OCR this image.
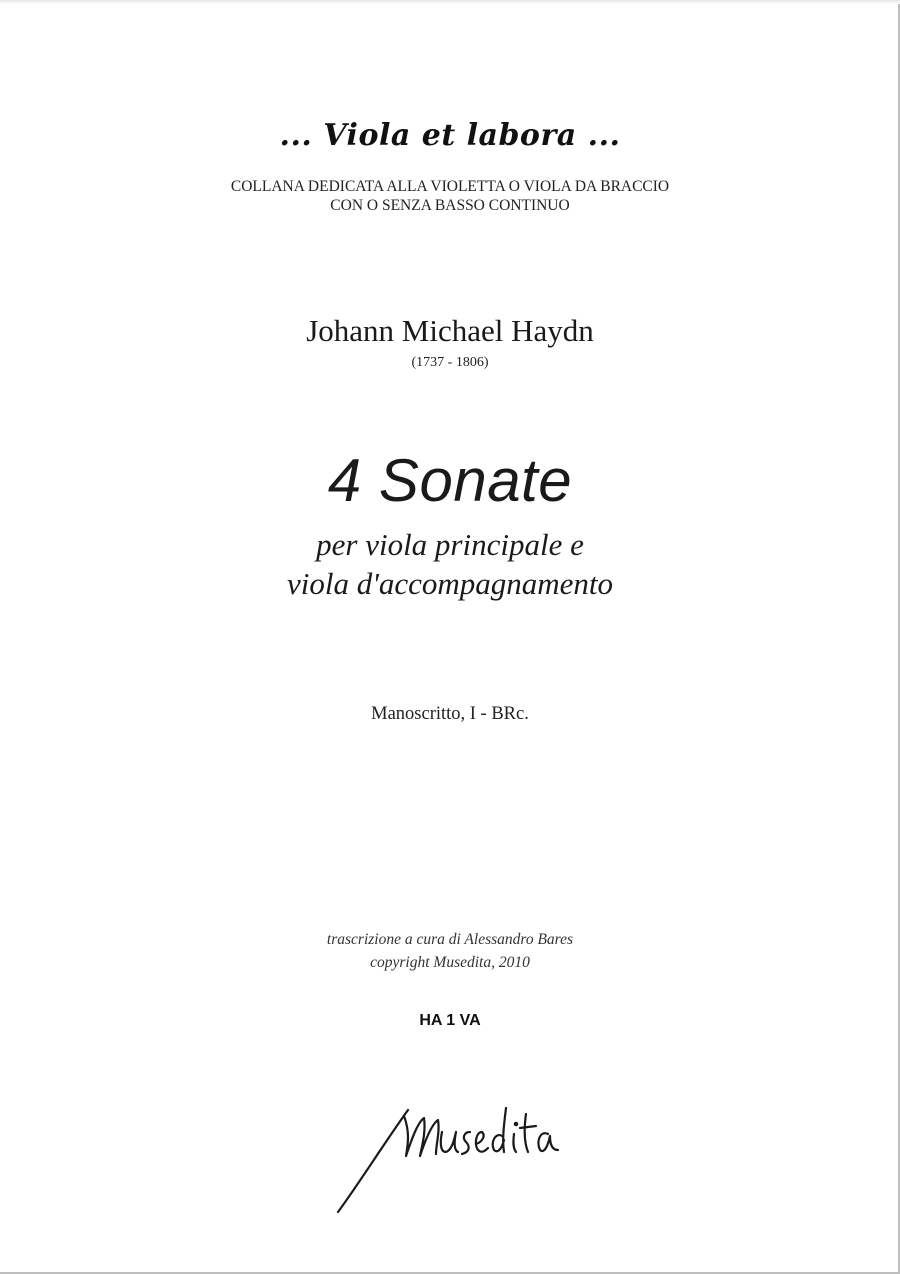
... Viola et labora ...
COLLANA DEDICATA ALLA VIOLETTA O VIOLA DA BRACCIO
CON O SENZA BASSO CONTINUO
Johann Michael Haydn
(1737 - 1806)
4 Sonate
per viola principale e
viola d'accompagnamento
Manoscritto, I - BRc.
trascrizione a cura di Alessandro Bares
copyright Musedita, 2010
HA 1 VA
